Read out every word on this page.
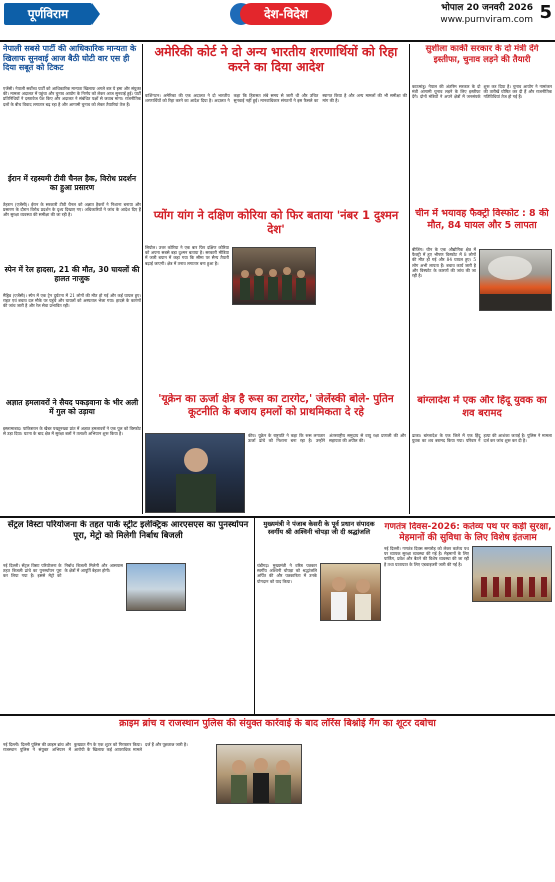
पूर्णविराम	देश-विदेश	भोपाल 20 जनवरी 2026
www.purnviram.com 5
नेपाली सबसे पार्टी की आधिकारिक मान्यता के खिलाफ सुनवाई आज बैठी घोटी वार एस ही दिया सबूत को टिकट
एजेंसी। नेपाली सर्वोच्च पार्टी को आधिकारिक मान्यता खिलाफ अगले बार ये हमा और संयुक्त की। मामला अदालत में पहुंचा और चुनाव आयोग के निर्णय को लेकर आज सुनवाई हुई। पार्टी प्रतिनिधियों ने दस्तावेज पेश किए और अदालत ने संबंधित पक्षों से जवाब मांगा। राजनीतिक दलों के बीच विवाद लगातार बढ़ रहा है और आगामी चुनाव को लेकर तैयारियां तेज हैं।
ईरान में रहस्यमी टीवी चैनल हैक, विरोध प्रदर्शन का हुआ प्रसारण
तेहरान (एजेंसी)। ईरान के सरकारी टीवी चैनल को अज्ञात हैकरों ने निशाना बनाया और प्रसारण के दौरान विरोध प्रदर्शन के दृश्य दिखाए गए। अधिकारियों ने जांच के आदेश दिए हैं और सुरक्षा व्यवस्था की समीक्षा की जा रही है।
स्पेन में रेल हादसा, 21 की मौत, 30 घायलों की हालत नाजुक
मैड्रिड (एजेंसी)। स्पेन में एक ट्रेन दुर्घटना में 21 लोगों की मौत हो गई और कई घायल हुए। राहत एवं बचाव दल मौके पर पहुंचे और घायलों को अस्पताल भेजा गया। हादसे के कारणों की जांच जारी है और रेल सेवा प्रभावित रही।
अज्ञात हमलावरों ने सैयद पकड़वाना के भीर अली में गुल को उड़ाया
इस्लामाबाद। पाकिस्तान के खैबर पख्तूनख्वा प्रांत में अज्ञात हमलावरों ने एक पुल को विस्फोट से उड़ा दिया। घटना के बाद क्षेत्र में सुरक्षा बलों ने तलाशी अभियान शुरू किया है।
अमेरिकी कोर्ट ने दो अन्य भारतीय शरणार्थियों को रिहा करने का दिया आदेश
वाशिंगटन। अमेरिका की एक अदालत ने दो भारतीय शरणार्थियों को रिहा करने का आदेश दिया है। अदालत ने कहा कि हिरासत लंबे समय से जारी थी और उचित सुनवाई नहीं हुई। मानवाधिकार संगठनों ने इस फैसले का स्वागत किया है और अन्य मामलों की भी समीक्षा की मांग की है।
प्योंग यांग ने दक्षिण कोरिया को फिर बताया 'नंबर 1 दुश्मन देश'
सियोल। उत्तर कोरिया ने एक बार फिर दक्षिण कोरिया को अपना सबसे बड़ा दुश्मन बताया है। सरकारी मीडिया में जारी बयान में कहा गया कि सीमा पर सैन्य तैयारी बढ़ाई जाएगी। क्षेत्र में तनाव लगातार बना हुआ है।
'यूक्रेन का ऊर्जा क्षेत्र है रूस का टारगेट,' जेलेंस्की बोले- पुतिन कूटनीति के बजाय हमलों को प्राथमिकता दे रहे
कीव। यूक्रेन के राष्ट्रपति ने कहा कि रूस लगातार ऊर्जा ढांचे को निशाना बना रहा है। उन्होंने अंतरराष्ट्रीय समुदाय से वायु रक्षा प्रणाली की और सहायता की अपील की।
सुशीला कार्की सरकार के दो मंत्री देंगे इस्तीफा, चुनाव लड़ने की तैयारी
काठमांडू। नेपाल की अंतरिम सरकार के दो मंत्री आगामी चुनाव लड़ने के लिए इस्तीफा देंगे। दोनों मंत्रियों ने अपने क्षेत्रों में जनसंपर्क शुरू कर दिया है। चुनाव आयोग ने नामांकन की तारीखें घोषित कर दी हैं और राजनीतिक गतिविधियां तेज हो गई हैं।
चीन में भयावह फैक्ट्री विस्फोट : 8 की मौत, 84 घायल और 5 लापता
बीजिंग। चीन के एक औद्योगिक क्षेत्र में फैक्ट्री में हुए भीषण विस्फोट में 8 लोगों की मौत हो गई और 84 घायल हुए। 5 लोग अभी लापता हैं। बचाव कार्य जारी है और विस्फोट के कारणों की जांच की जा रही है।
बांग्लादेश में एक और हिंदू युवक का शव बरामद
ढाका। बांग्लादेश के एक जिले में एक हिंदू युवक का शव बरामद किया गया। परिवार ने हत्या की आशंका जताई है। पुलिस ने मामला दर्ज कर जांच शुरू कर दी है।
सेंट्रल विस्टा परियोजना के तहत पार्क स्ट्रीट इलेक्ट्रिक आरएसएस का पुनर्स्थापन पूरा, मेट्रो को मिलेगी निर्बाध बिजली
नई दिल्ली। सेंट्रल विस्टा परियोजना के तहत बिजली ढांचे का पुनर्स्थापन पूरा कर लिया गया है। इससे मेट्रो को निर्बाध बिजली मिलेगी और आसपास के क्षेत्रों में आपूर्ति बेहतर होगी।
मुख्यमंत्री ने पंजाब केसरी के पूर्व प्रधान संपादक स्वर्गीय श्री अश्विनी चोपड़ा जी दी श्रद्धांजलि
चंडीगढ़। मुख्यमंत्री ने वरिष्ठ पत्रकार स्वर्गीय अश्विनी चोपड़ा को श्रद्धांजलि अर्पित की और पत्रकारिता में उनके योगदान को याद किया।
गणतंत्र दिवस-2026: कर्तव्य पथ पर कड़ी सुरक्षा, मेहमानों की सुविधा के लिए विशेष इंतजाम
नई दिल्ली। गणतंत्र दिवस समारोह को लेकर कर्तव्य पथ पर व्यापक सुरक्षा व्यवस्था की गई है। मेहमानों के लिए पार्किंग, प्रवेश और बैठने की विशेष व्यवस्था की जा रही है तथा यातायात के लिए एडवाइजरी जारी की गई है।
क्राइम ब्रांच व राजस्थान पुलिस की संयुक्त कार्रवाई के बाद लॉरेंस बिश्नोई गैंग का शूटर दबोचा
नई दिल्ली। दिल्ली पुलिस की क्राइम ब्रांच और राजस्थान पुलिस ने संयुक्त अभियान में कुख्यात गैंग के एक शूटर को गिरफ्तार किया। आरोपी के खिलाफ कई आपराधिक मामले दर्ज हैं और पूछताछ जारी है।
